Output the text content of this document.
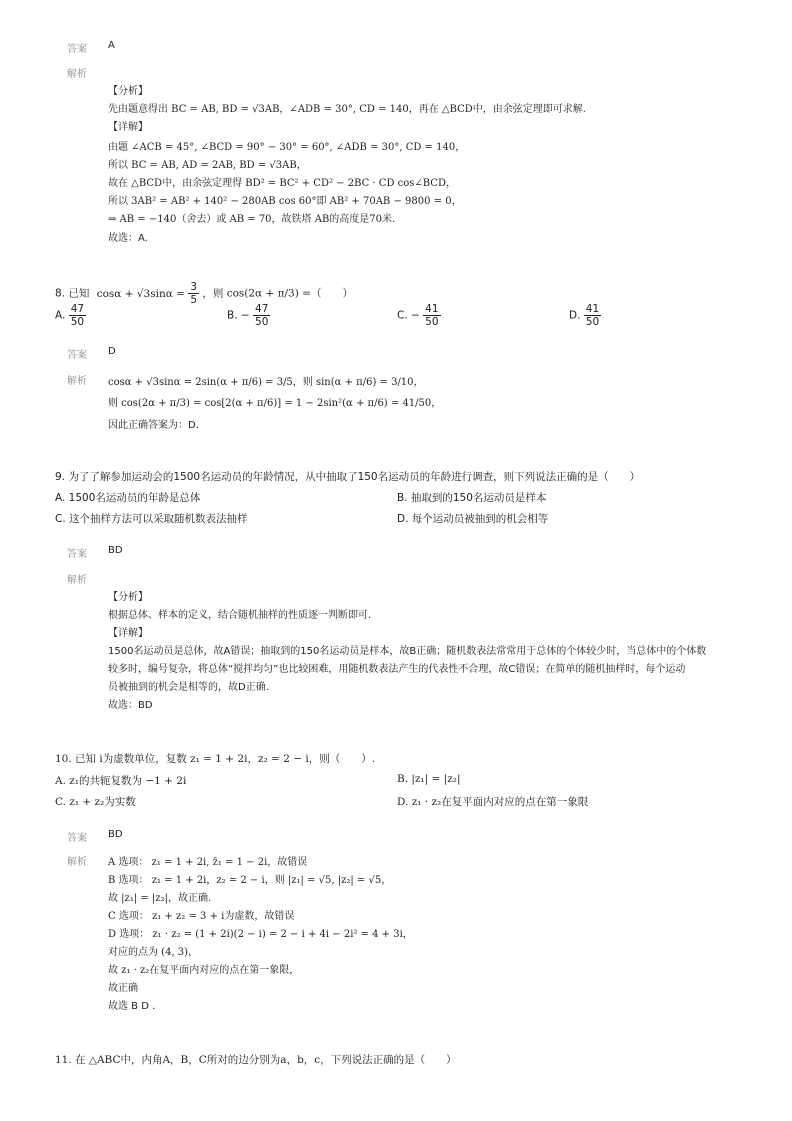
答案 A
解析
【分析】
先由题意得出 BC = AB, BD = √3AB，∠ADB = 30°, CD = 140，再在 △BCD中，由余弦定理即可求解.
【详解】
由题 ∠ACB = 45°, ∠BCD = 90° − 30° = 60°, ∠ADB = 30°, CD = 140，
所以 BC = AB, AD = 2AB, BD = √3AB，
故在 △BCD中，由余弦定理得 BD² = BC² + CD² − 2BC · CD cos∠BCD，
所以 3AB² = AB² + 140² − 280AB cos 60°即 AB² + 70AB − 9800 = 0，
⇒ AB = −140（舍去）或 AB = 70，故铁塔 AB的高度是70米.
故选：A.
8. 已知 $\cos\alpha + √3\sin\alpha = \frac{3}{5}$ ，则 cos(2α + π/3) =（　　）
A. $\frac{47}{50}$	B. − $\frac{47}{50}$	C. − $\frac{41}{50}$	D. $\frac{41}{50}$
答案 D
解析 cosα + √3sinα = 2sin(α + π/6) = 3/5，则 sin(α + π/6) = 3/10，
则 cos(2α + π/3) = cos[2(α + π/6)] = 1 − 2sin²(α + π/6) = 41/50，
因此正确答案为：D.
9. 为了了解参加运动会的1500名运动员的年龄情况，从中抽取了150名运动员的年龄进行调查，则下列说法正确的是（　　）
A. 1500名运动员的年龄是总体	B. 抽取到的150名运动员是样本
C. 这个抽样方法可以采取随机数表法抽样	D. 每个运动员被抽到的机会相等
答案 BD
解析
【分析】
根据总体、样本的定义，结合随机抽样的性质逐一判断即可.
【详解】
1500名运动员是总体，故A错误；抽取到的150名运动员是样本，故B正确；随机数表法常常用于总体的个体较少时，当总体中的个体数
较多时，编号复杂，将总体“搅拌均匀”也比较困难，用随机数表法产生的代表性不合理，故C错误；在简单的随机抽样时，每个运动
员被抽到的机会是相等的，故D正确.
故选：BD
10. 已知 i为虚数单位，复数 z₁ = 1 + 2i，z₂ = 2 − i，则（　　）.
A. z₁的共轭复数为 −1 + 2i	B. |z₁| = |z₂|
C. z₁ + z₂为实数	D. z₁ · z₂在复平面内对应的点在第一象限
答案 BD
解析 A 选项： z₁ = 1 + 2i, z̄₁ = 1 − 2i，故错误
B 选项： z₁ = 1 + 2i，z₂ = 2 − i，则 |z₁| = √5, |z₂| = √5，
故 |z₁| = |z₂|，故正确.
C 选项： z₁ + z₂ = 3 + i为虚数，故错误
D 选项： z₁ · z₂ = (1 + 2i)(2 − i) = 2 − i + 4i − 2i² = 4 + 3i，
对应的点为 (4, 3)，
故 z₁ · z₂在复平面内对应的点在第一象限，
故正确
故选 B D .
11. 在 △ABC中，内角A，B，C所对的边分别为a，b，c，下列说法正确的是（　　）
